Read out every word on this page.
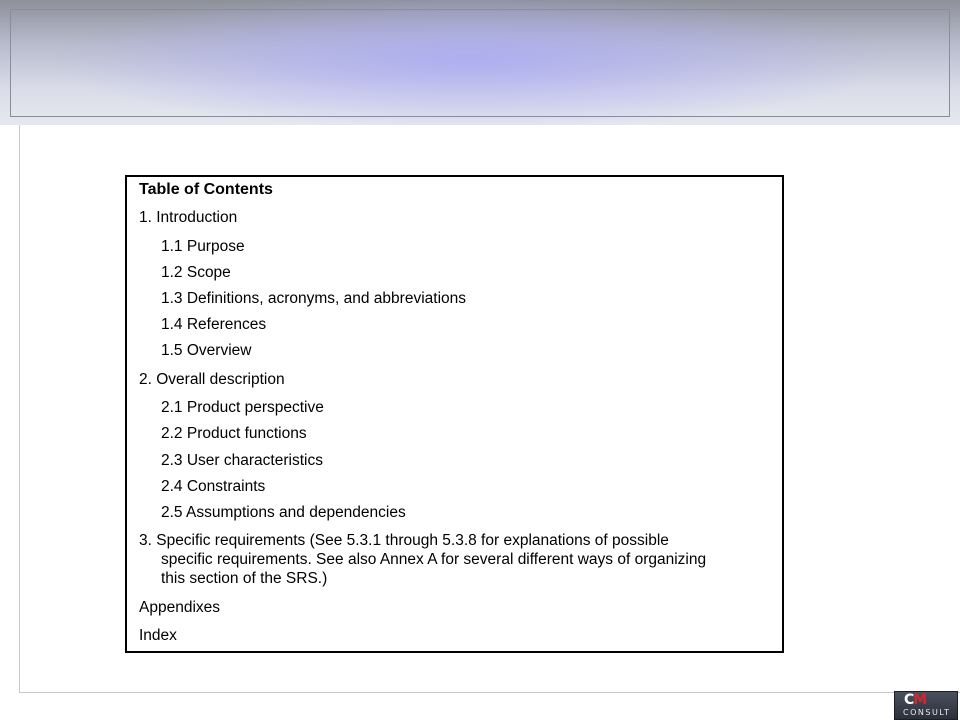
Table of Contents
1. Introduction
1.1 Purpose
1.2 Scope
1.3 Definitions, acronyms, and abbreviations
1.4 References
1.5 Overview
2. Overall description
2.1 Product perspective
2.2 Product functions
2.3 User characteristics
2.4 Constraints
2.5 Assumptions and dependencies
3. Specific requirements (See 5.3.1 through 5.3.8 for explanations of possible
specific requirements. See also Annex A for several different ways of organizing
this section of the SRS.)
Appendixes
Index
CM
CONSULT
